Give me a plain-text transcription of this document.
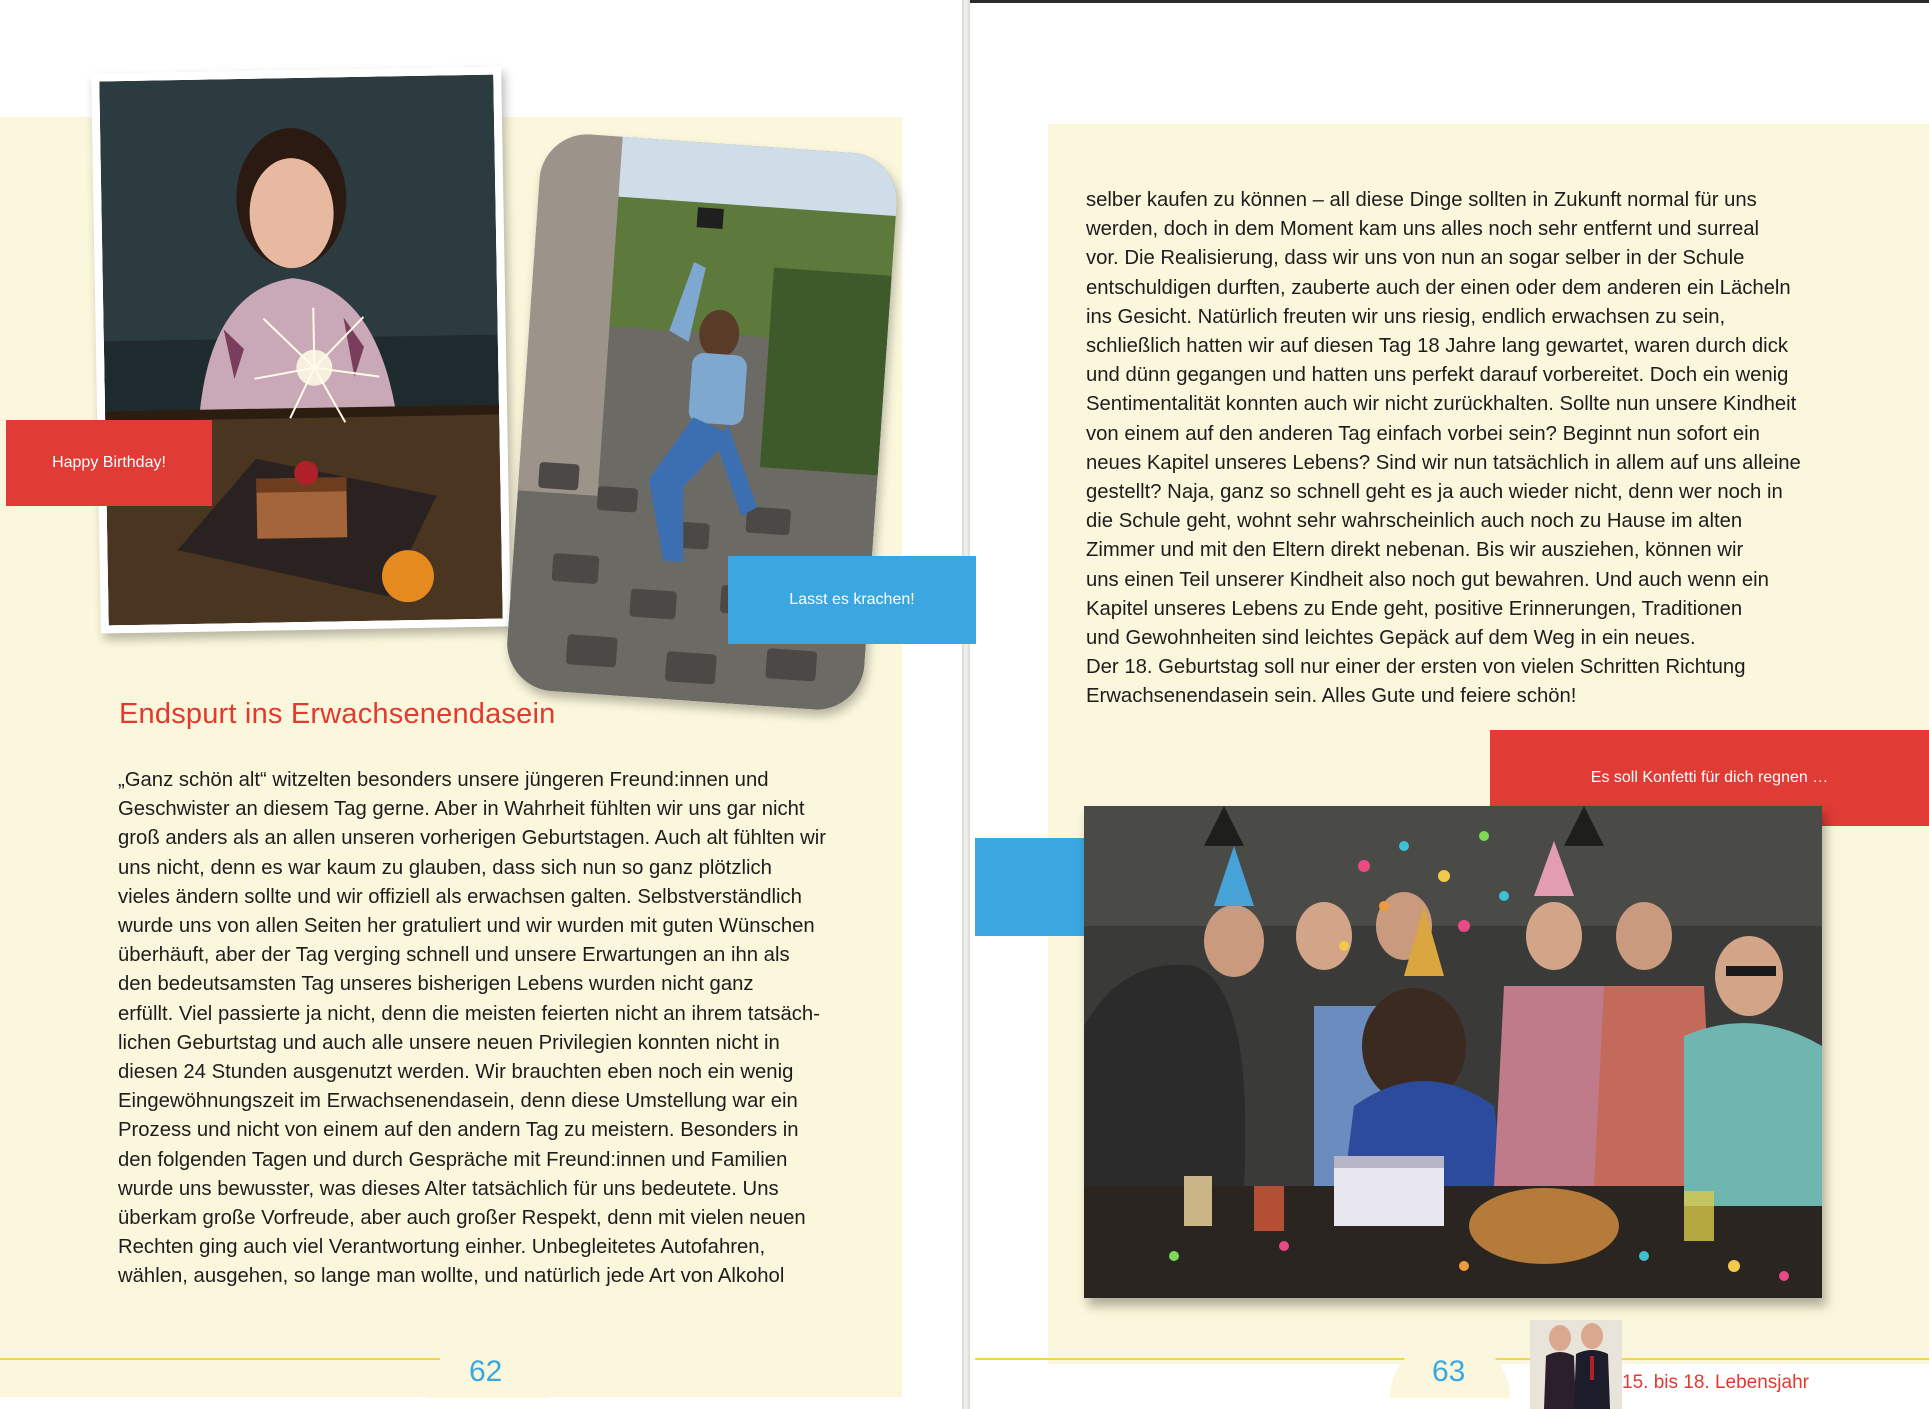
Happy Birthday!
Lasst es krachen!
Endspurt ins Erwachsenendasein

„Ganz schön alt“ witzelten besonders unsere jüngeren Freund:innen und

Geschwister an diesem Tag gerne. Aber in Wahrheit fühlten wir uns gar nicht

groß anders als an allen unseren vorherigen Geburtstagen. Auch alt fühlten wir

uns nicht, denn es war kaum zu glauben, dass sich nun so ganz plötzlich

vieles ändern sollte und wir offiziell als erwachsen galten. Selbstverständlich

wurde uns von allen Seiten her gratuliert und wir wurden mit guten Wünschen

überhäuft, aber der Tag verging schnell und unsere Erwartungen an ihn als

den bedeutsamsten Tag unseres bisherigen Lebens wurden nicht ganz

erfüllt. Viel passierte ja nicht, denn die meisten feierten nicht an ihrem tatsäch-

lichen Geburtstag und auch alle unsere neuen Privilegien konnten nicht in

diesen 24 Stunden ausgenutzt werden. Wir brauchten eben noch ein wenig

Eingewöhnungszeit im Erwachsenendasein, denn diese Umstellung war ein

Prozess und nicht von einem auf den andern Tag zu meistern. Besonders in

den folgenden Tagen und durch Gespräche mit Freund:innen und Familien

wurde uns bewusster, was dieses Alter tatsächlich für uns bedeutete. Uns

überkam große Vorfreude, aber auch großer Respekt, denn mit vielen neuen

Rechten ging auch viel Verantwortung einher. Unbegleitetes Autofahren,

wählen, ausgehen, so lange man wollte, und natürlich jede Art von Alkohol

62

selber kaufen zu können – all diese Dinge sollten in Zukunft normal für uns

werden, doch in dem Moment kam uns alles noch sehr entfernt und surreal

vor. Die Realisierung, dass wir uns von nun an sogar selber in der Schule

entschuldigen durften, zauberte auch der einen oder dem anderen ein Lächeln

ins Gesicht. Natürlich freuten wir uns riesig, endlich erwachsen zu sein,

schließlich hatten wir auf diesen Tag 18 Jahre lang gewartet, waren durch dick

und dünn gegangen und hatten uns perfekt darauf vorbereitet. Doch ein wenig

Sentimentalität konnten auch wir nicht zurückhalten. Sollte nun unsere Kindheit

von einem auf den anderen Tag einfach vorbei sein? Beginnt nun sofort ein

neues Kapitel unseres Lebens? Sind wir nun tatsächlich in allem auf uns alleine

gestellt? Naja, ganz so schnell geht es ja auch wieder nicht, denn wer noch in

die Schule geht, wohnt sehr wahrscheinlich auch noch zu Hause im alten

Zimmer und mit den Eltern direkt nebenan. Bis wir ausziehen, können wir

uns einen Teil unserer Kindheit also noch gut bewahren. Und auch wenn ein

Kapitel unseres Lebens zu Ende geht, positive Erinnerungen, Traditionen

und Gewohnheiten sind leichtes Gepäck auf dem Weg in ein neues.

Der 18. Geburtstag soll nur einer der ersten von vielen Schritten Richtung

Erwachsenendasein sein. Alles Gute und feiere schön!

Es soll Konfetti für dich regnen …
63	15. bis 18. Lebensjahr
